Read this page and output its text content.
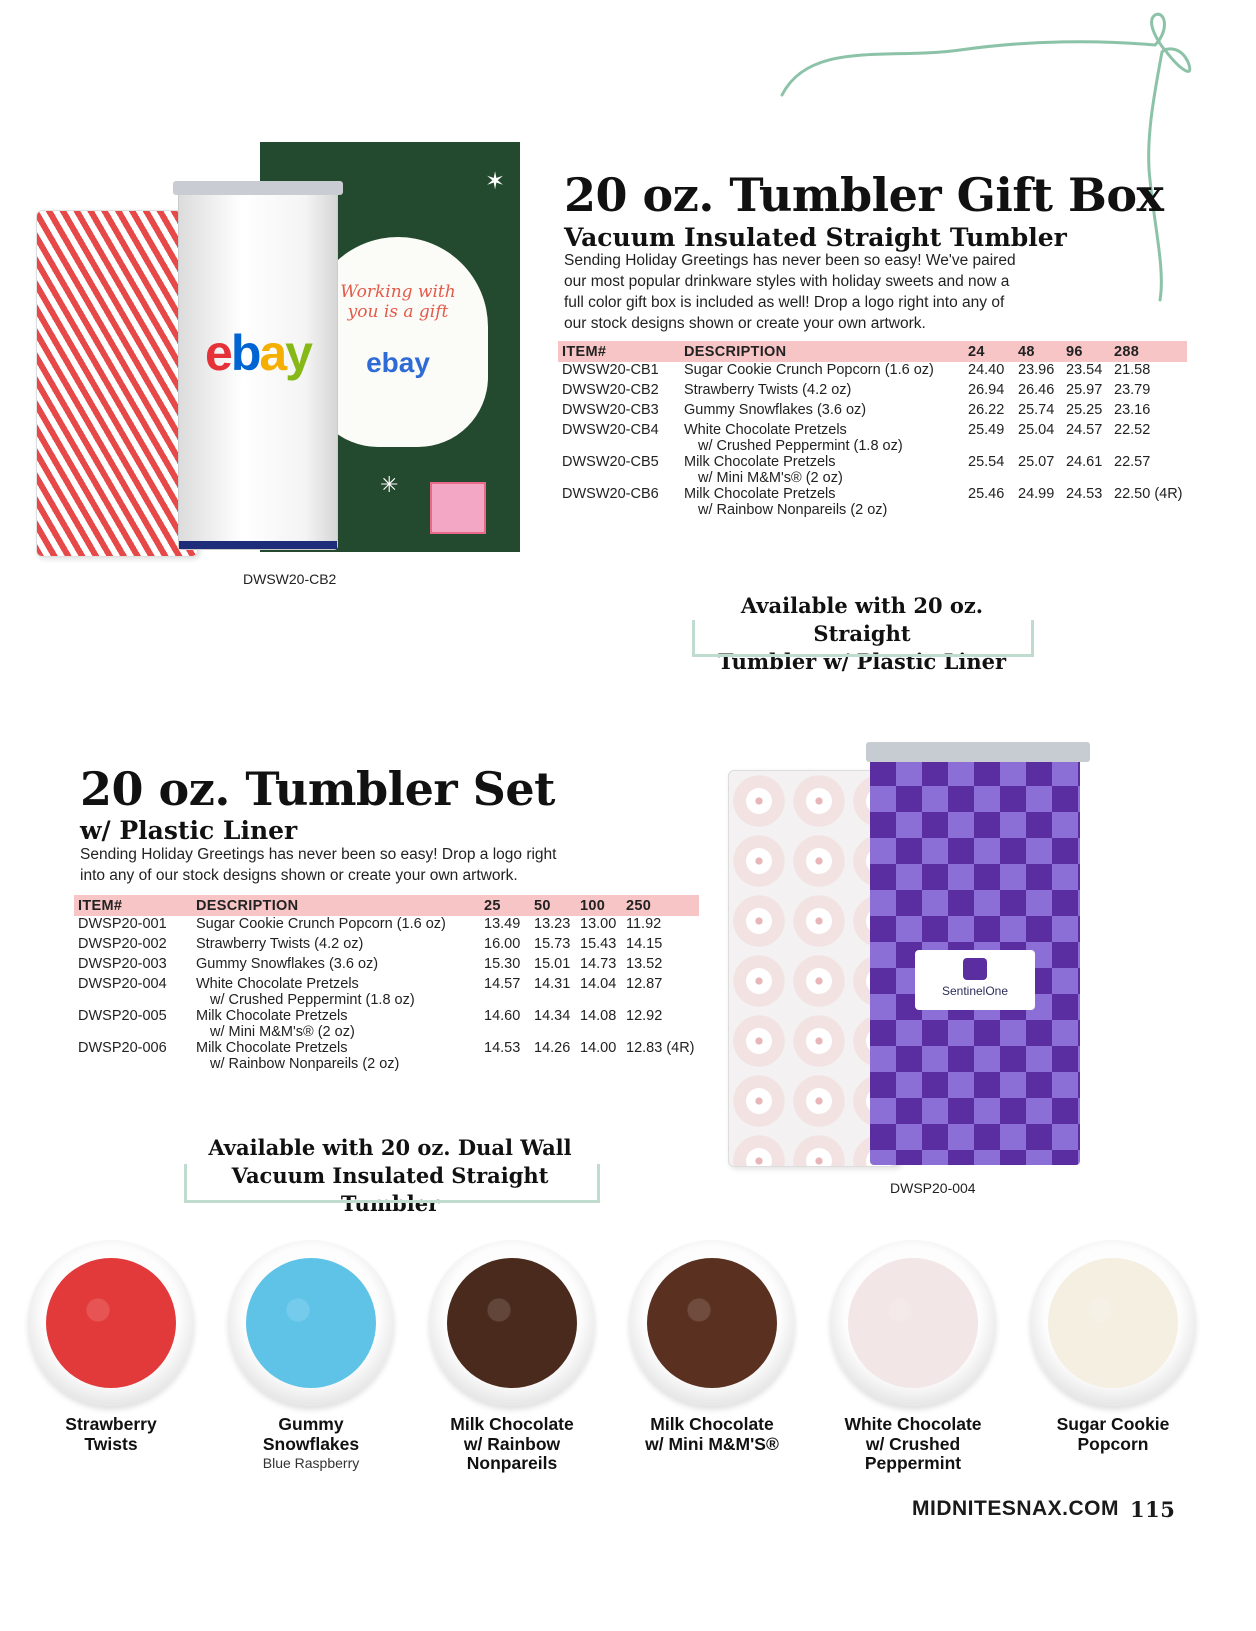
Working with you is a gift
ebay
✶
✳
ebay
DWSW20-CB2
20 oz. Tumbler Gift Box
Vacuum Insulated Straight Tumbler
Sending Holiday Greetings has never been so easy! We've paired our most popular drinkware styles with holiday sweets and now a full color gift box is included as well! Drop a logo right into any of our stock designs shown or create your own artwork.
ITEM#	DESCRIPTION	24	48	96	288
DWSW20-CB1	Sugar Cookie Crunch Popcorn (1.6 oz)	24.40	23.96	23.54	21.58
DWSW20-CB2	Strawberry Twists (4.2 oz)	26.94	26.46	25.97	23.79
DWSW20-CB3	Gummy Snowflakes (3.6 oz)	26.22	25.74	25.25	23.16
DWSW20-CB4	White Chocolate Pretzels
w/ Crushed Peppermint (1.8 oz)	25.49	25.04	24.57	22.52
DWSW20-CB5	Milk Chocolate Pretzels
w/ Mini M&M's® (2 oz)	25.54	25.07	24.61	22.57
DWSW20-CB6	Milk Chocolate Pretzels
w/ Rainbow Nonpareils (2 oz)	25.46	24.99	24.53	22.50 (4R)
Available with 20 oz. Straight
Tumbler w/ Plastic Liner
20 oz. Tumbler Set
w/ Plastic Liner
Sending Holiday Greetings has never been so easy! Drop a logo right into any of our stock designs shown or create your own artwork.
ITEM#	DESCRIPTION	25	50	100	250
DWSP20-001	Sugar Cookie Crunch Popcorn (1.6 oz)	13.49	13.23	13.00	11.92
DWSP20-002	Strawberry Twists (4.2 oz)	16.00	15.73	15.43	14.15
DWSP20-003	Gummy Snowflakes (3.6 oz)	15.30	15.01	14.73	13.52
DWSP20-004	White Chocolate Pretzels
w/ Crushed Peppermint (1.8 oz)	14.57	14.31	14.04	12.87
DWSP20-005	Milk Chocolate Pretzels
w/ Mini M&M's® (2 oz)	14.60	14.34	14.08	12.92
DWSP20-006	Milk Chocolate Pretzels
w/ Rainbow Nonpareils (2 oz)	14.53	14.26	14.00	12.83 (4R)
Available with 20 oz. Dual Wall
Vacuum Insulated Straight Tumbler
SentinelOne
DWSP20-004
Strawberry
Twists
Gummy
Snowflakes
Blue Raspberry
Milk Chocolate
w/ Rainbow
Nonpareils
Milk Chocolate
w/ Mini M&M'S®
White Chocolate
w/ Crushed
Peppermint
Sugar Cookie
Popcorn
MIDNITESNAX.COM 115
